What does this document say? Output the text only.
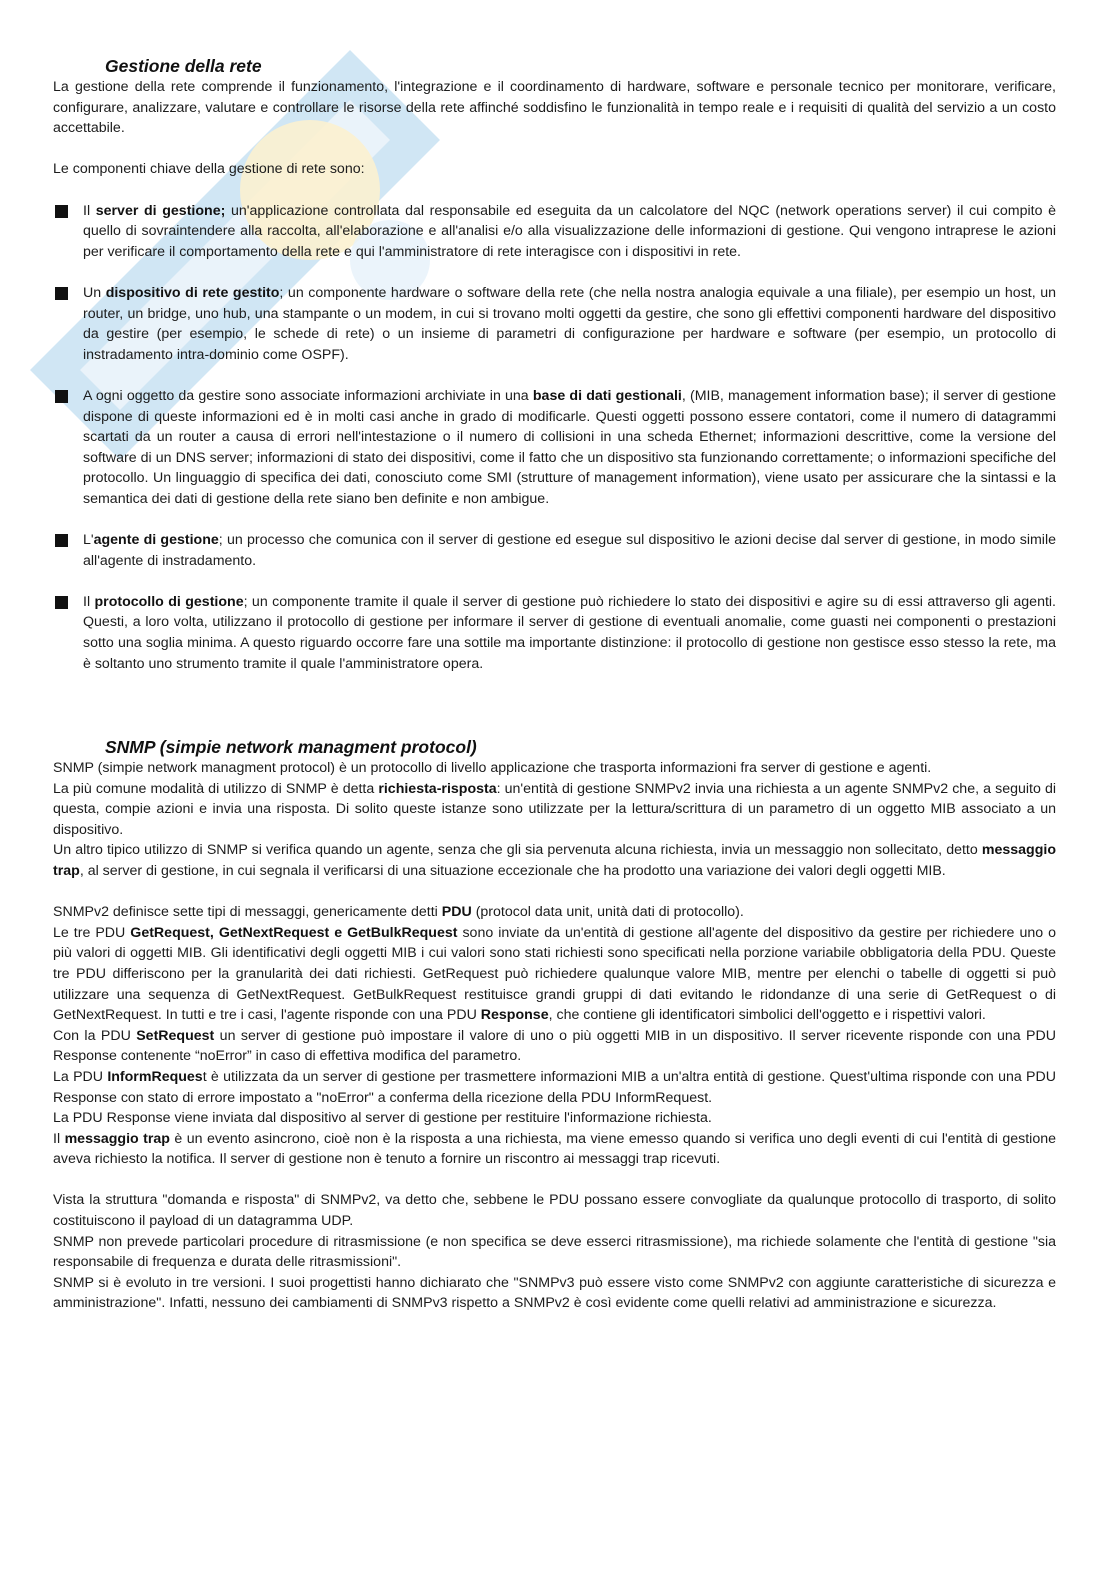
Gestione della rete

La gestione della rete comprende il funzionamento, l'integrazione e il coordinamento di hardware, software e personale tecnico per monitorare, verificare, configurare, analizzare, valutare e controllare le risorse della rete affinché soddisfino le funzionalità in tempo reale e i requisiti di qualità del servizio a un costo accettabile.

Le componenti chiave della gestione di rete sono:

Il server di gestione; un'applicazione controllata dal responsabile ed eseguita da un calcolatore del NQC (network operations server) il cui compito è quello di sovraintendere alla raccolta, all'elaborazione e all'analisi e/o alla visualizzazione delle informazioni di gestione. Qui vengono intraprese le azioni per verificare il comportamento della rete e qui l'amministratore di rete interagisce con i dispositivi in rete.

Un dispositivo di rete gestito; un componente hardware o software della rete (che nella nostra analogia equivale a una filiale), per esempio un host, un router, un bridge, uno hub, una stampante o un modem, in cui si trovano molti oggetti da gestire, che sono gli effettivi componenti hardware del dispositivo da gestire (per esempio, le schede di rete) o un insieme di parametri di configurazione per hardware e software (per esempio, un protocollo di instradamento intra-dominio come OSPF).

A ogni oggetto da gestire sono associate informazioni archiviate in una base di dati gestionali, (MIB, management information base); il server di gestione dispone di queste informazioni ed è in molti casi anche in grado di modificarle. Questi oggetti possono essere contatori, come il numero di datagrammi scartati da un router a causa di errori nell'intestazione o il numero di collisioni in una scheda Ethernet; informazioni descrittive, come la versione del software di un DNS server; informazioni di stato dei dispositivi, come il fatto che un dispositivo sta funzionando correttamente; o informazioni specifiche del protocollo. Un linguaggio di specifica dei dati, conosciuto come SMI (strutture of management information), viene usato per assicurare che la sintassi e la semantica dei dati di gestione della rete siano ben definite e non ambigue.

L'agente di gestione; un processo che comunica con il server di gestione ed esegue sul dispositivo le azioni decise dal server di gestione, in modo simile all'agente di instradamento.

Il protocollo di gestione; un componente tramite il quale il server di gestione può richiedere lo stato dei dispositivi e agire su di essi attraverso gli agenti. Questi, a loro volta, utilizzano il protocollo di gestione per informare il server di gestione di eventuali anomalie, come guasti nei componenti o prestazioni sotto una soglia minima. A questo riguardo occorre fare una sottile ma importante distinzione: il protocollo di gestione non gestisce esso stesso la rete, ma è soltanto uno strumento tramite il quale l'amministratore opera.

SNMP (simpie network managment protocol)

SNMP (simpie network managment protocol) è un protocollo di livello applicazione che trasporta informazioni fra server di gestione e agenti.

La più comune modalità di utilizzo di SNMP è detta richiesta-risposta: un'entità di gestione SNMPv2 invia una richiesta a un agente SNMPv2 che, a seguito di questa, compie azioni e invia una risposta. Di solito queste istanze sono utilizzate per la lettura/scrittura di un parametro di un oggetto MIB associato a un dispositivo.

Un altro tipico utilizzo di SNMP si verifica quando un agente, senza che gli sia pervenuta alcuna richiesta, invia un messaggio non sollecitato, detto messaggio trap, al server di gestione, in cui segnala il verificarsi di una situazione eccezionale che ha prodotto una variazione dei valori degli oggetti MIB.

SNMPv2 definisce sette tipi di messaggi, genericamente detti PDU (protocol data unit, unità dati di protocollo).

Le tre PDU GetRequest, GetNextRequest e GetBulkRequest sono inviate da un'entità di gestione all'agente del dispositivo da gestire per richiedere uno o più valori di oggetti MIB. Gli identificativi degli oggetti MIB i cui valori sono stati richiesti sono specificati nella porzione variabile obbligatoria della PDU. Queste tre PDU differiscono per la granularità dei dati richiesti. GetRequest può richiedere qualunque valore MIB, mentre per elenchi o tabelle di oggetti si può utilizzare una sequenza di GetNextRequest. GetBulkRequest restituisce grandi gruppi di dati evitando le ridondanze di una serie di GetRequest o di GetNextRequest. In tutti e tre i casi, l'agente risponde con una PDU Response, che contiene gli identificatori simbolici dell'oggetto e i rispettivi valori.

Con la PDU SetRequest un server di gestione può impostare il valore di uno o più oggetti MIB in un dispositivo. Il server ricevente risponde con una PDU Response contenente “noError” in caso di effettiva modifica del parametro.

La PDU InformRequest è utilizzata da un server di gestione per trasmettere informazioni MIB a un'altra entità di gestione. Quest'ultima risponde con una PDU Response con stato di errore impostato a "noError" a conferma della ricezione della PDU InformRequest.

La PDU Response viene inviata dal dispositivo al server di gestione per restituire l'informazione richiesta.

Il messaggio trap è un evento asincrono, cioè non è la risposta a una richiesta, ma viene emesso quando si verifica uno degli eventi di cui l'entità di gestione aveva richiesto la notifica. Il server di gestione non è tenuto a fornire un riscontro ai messaggi trap ricevuti.

Vista la struttura "domanda e risposta" di SNMPv2, va detto che, sebbene le PDU possano essere convogliate da qualunque protocollo di trasporto, di solito costituiscono il payload di un datagramma UDP.

SNMP non prevede particolari procedure di ritrasmissione (e non specifica se deve esserci ritrasmissione), ma richiede solamente che l'entità di gestione "sia responsabile di frequenza e durata delle ritrasmissioni".

SNMP si è evoluto in tre versioni. I suoi progettisti hanno dichiarato che "SNMPv3 può essere visto come SNMPv2 con aggiunte caratteristiche di sicurezza e amministrazione". Infatti, nessuno dei cambiamenti di SNMPv3 rispetto a SNMPv2 è così evidente come quelli relativi ad amministrazione e sicurezza.
